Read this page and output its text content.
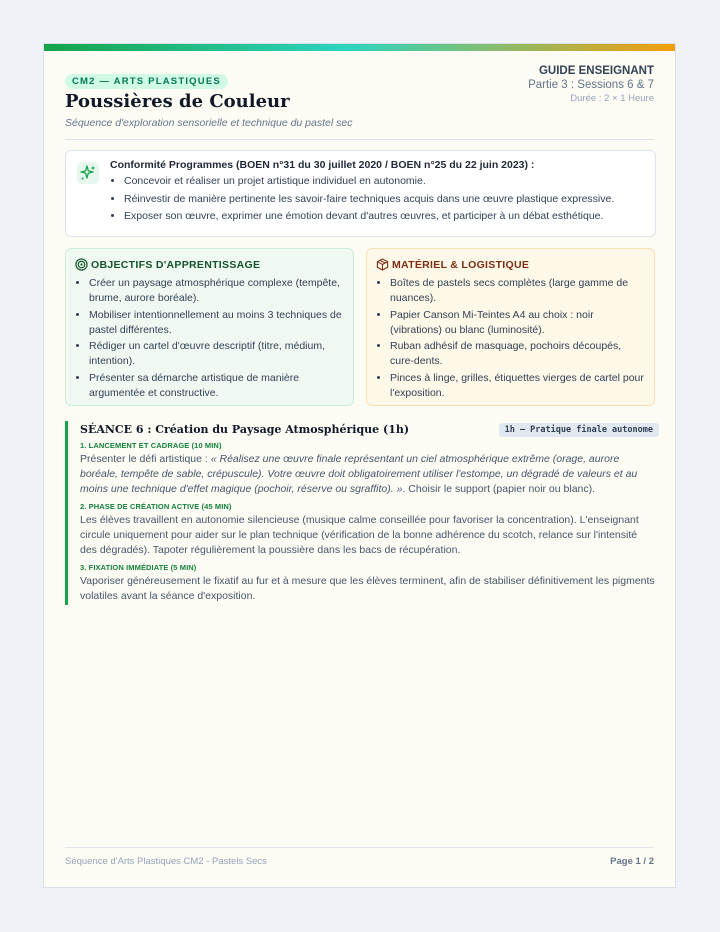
CM2 — ARTS PLASTIQUES
Poussières de Couleur
Séquence d'exploration sensorielle et technique du pastel sec
GUIDE ENSEIGNANT
Partie 3 : Sessions 6 & 7
Durée : 2 × 1 Heure
Conformité Programmes (BOEN n°31 du 30 juillet 2020 / BOEN n°25 du 22 juin 2023) :
• Concevoir et réaliser un projet artistique individuel en autonomie.
• Réinvestir de manière pertinente les savoir-faire techniques acquis dans une œuvre plastique expressive.
• Exposer son œuvre, exprimer une émotion devant d'autres œuvres, et participer à un débat esthétique.
OBJECTIFS D'APPRENTISSAGE
• Créer un paysage atmosphérique complexe (tempête, brume, aurore boréale).
• Mobiliser intentionnellement au moins 3 techniques de pastel différentes.
• Rédiger un cartel d'œuvre descriptif (titre, médium, intention).
• Présenter sa démarche artistique de manière argumentée et constructive.
MATÉRIEL & LOGISTIQUE
• Boîtes de pastels secs complètes (large gamme de nuances).
• Papier Canson Mi-Teintes A4 au choix : noir (vibrations) ou blanc (luminosité).
• Ruban adhésif de masquage, pochoirs découpés, cure-dents.
• Pinces à linge, grilles, étiquettes vierges de cartel pour l'exposition.
SÉANCE 6 : Création du Paysage Atmosphérique (1h)	1h — Pratique finale autonome
1. LANCEMENT ET CADRAGE (10 MIN)
Présenter le défi artistique : « Réalisez une œuvre finale représentant un ciel atmosphérique extrême (orage, aurore boréale, tempête de sable, crépuscule). Votre œuvre doit obligatoirement utiliser l'estompe, un dégradé de valeurs et au moins une technique d'effet magique (pochoir, réserve ou sgraffito). ». Choisir le support (papier noir ou blanc).
2. PHASE DE CRÉATION ACTIVE (45 MIN)
Les élèves travaillent en autonomie silencieuse (musique calme conseillée pour favoriser la concentration). L'enseignant circule uniquement pour aider sur le plan technique (vérification de la bonne adhérence du scotch, relance sur l'intensité des dégradés). Tapoter régulièrement la poussière dans les bacs de récupération.
3. FIXATION IMMÉDIATE (5 MIN)
Vaporiser généreusement le fixatif au fur et à mesure que les élèves terminent, afin de stabiliser définitivement les pigments volatiles avant la séance d'exposition.
Séquence d'Arts Plastiques CM2 - Pastels Secs	Page 1 / 2
